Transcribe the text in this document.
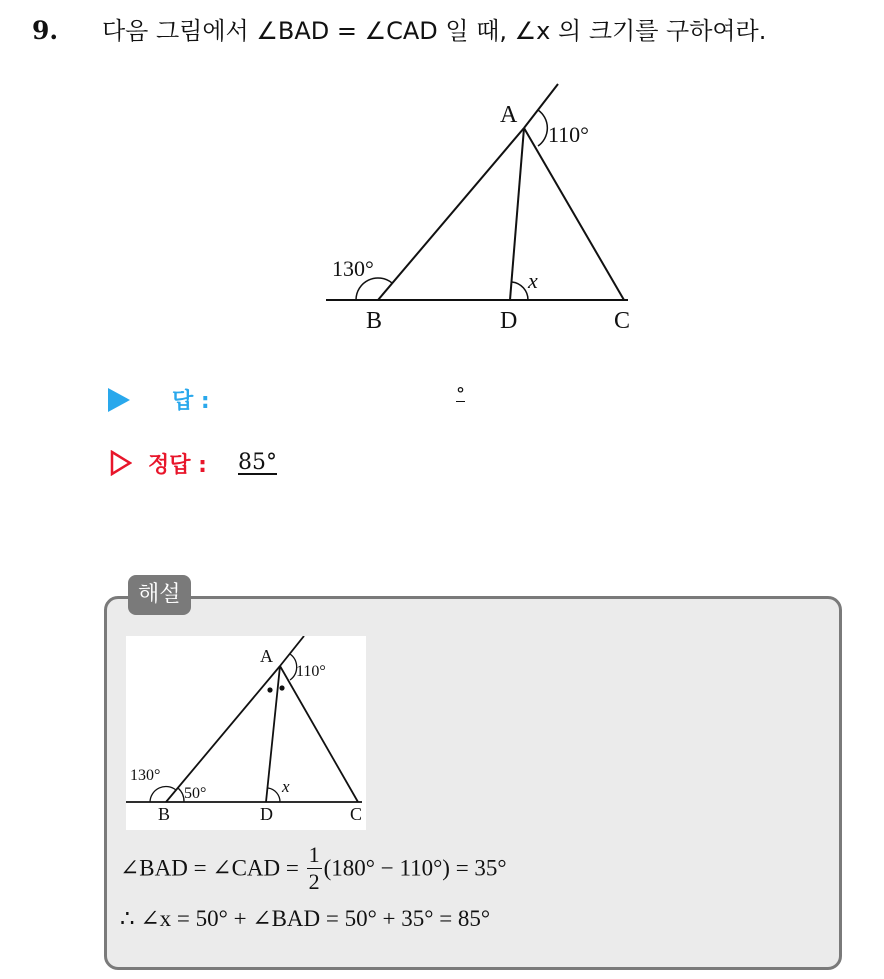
9. 다음 그림에서 ∠BAD = ∠CAD 일 때, ∠x 의 크기를 구하여라.
A
B	D	C
110°
130°	x
답 :	°
정답 : 85°
해설
A
B	D	C
110°
130°
50°	x
∠BAD = ∠CAD = $\frac{1}{2} (180^\circ - 110^\circ) = 35^\circ$
∴ ∠x = 50° + ∠BAD = 50° + 35° = 85°
